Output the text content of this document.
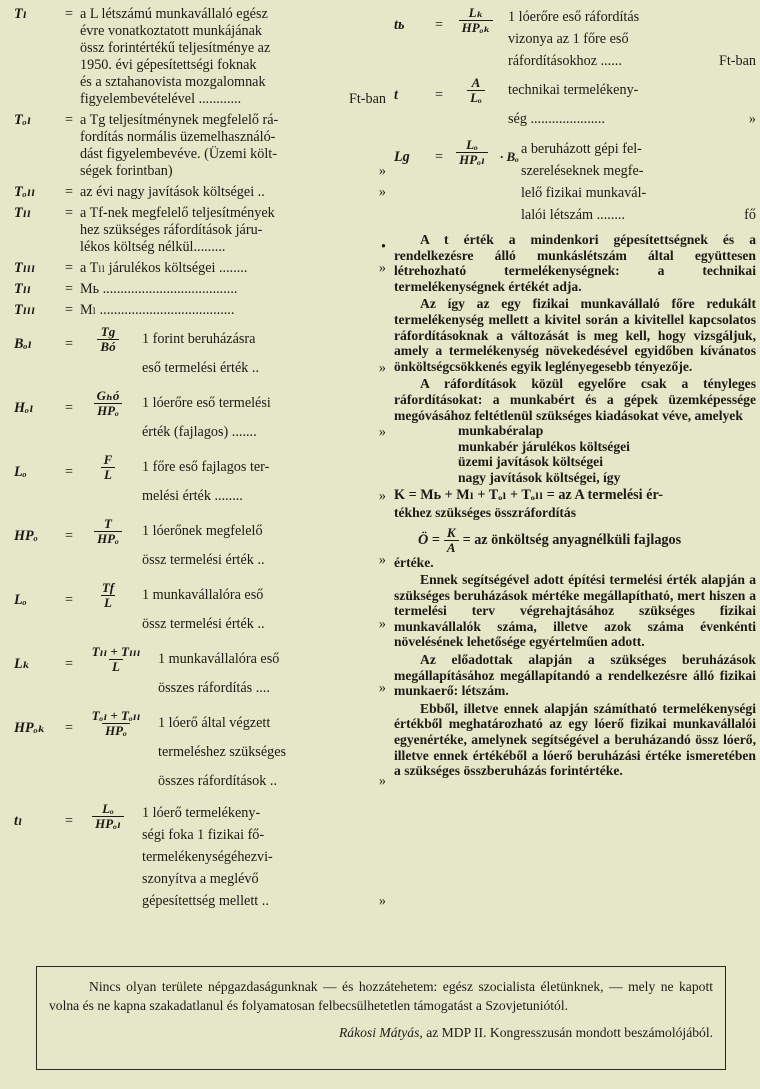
Tₗ	= a L létszámú munkavállaló egész
évre vonatkoztatott munkájának
össz forintértékű teljesítménye az
1950. évi gépesítettségi foknak
és a sztahanovista mozgalomnak
figyelembevételével ............	Ft-ban
Tₒₗ	= a Tg teljesítménynek megfelelő rá-
fordítás normális üzemelhasználó-
dást figyelembevéve. (Üzemi költ-
ségek forintban)	»
Tₒₗₗ	= az évi nagy javítások költségei ..	»
Tₗₗ	= a Tf-nek megfelelő teljesítmények
hez szükséges ráfordítások járu-
lékos költség nélkül.........	•
Tₗₗₗ	= a Tₗₗ járulékos költségei ........	»
Tₗₗ	= Mь ......................................
Tₗₗₗ	= Mₗ ......................................
Bₒₗ	= $\frac{Tg}{Bó} 1$ forint beruházásra
eső termelési érték ..	»
Hₒₗ	= $\frac{\text{Gₕó}}{\text{HPₒ}} 1$ lóerőre eső termelési
érték (fajlagos) .......	»
Lₒ	= $\frac{F}{L} 1$ főre eső fajlagos ter-
melési érték ........	»
HPₒ	= $\frac{T}{\text{HPₒ}} 1$ lóerőnek megfelelő
össz termelési érték ..	»
Lₒ	= $\frac{Tf}{L} 1$ munkavállalóra eső
össz termelési érték ..	»
Lₖ	= $\frac{\text{Tₗₗ + Tₗₗₗ}}{L} 1$ munkavállalóra eső
összes ráfordítás ....	»
HPₒₖ	= $\frac{\text{Tₒₗ + Tₒₗₗ}}{\text{HPₒ}} 1$ lóerő által végzett
termeléshez szükséges
összes ráfordítások ..	»
tₗ	= $\frac{\text{Lₒ}}{\text{HPₒₗ}} 1$ lóerő termelékeny-
ségi foka 1 fizikai fő-
termelékenységéhezvi-
szonyítva a meglévő
gépesítettség mellett ..	»
tь	= $\frac{\text{Lₖ}}{\text{HPₒₖ}} 1$ lóerőre eső ráfordítás
vizonya az 1 főre eső
ráfordításokhoz ......	Ft-ban
t	= $\frac{A}{\text{Lₒ}}$ technikai termelékeny-
ség .....................	»
Lg	= $\frac{\text{Lₒ}}{\text{HPₒₗ}} \cdot B_o$ a beruházott gépi fel-
szereléseknek megfe-
lelő fizikai munkavál-
lalói létszám ........	fő

A t érték a mindenkori gépesítettségnek és a rendelkezésre álló munkáslétszám által együttesen létrehozható termelékenységnek: a technikai termelékenységnek értékét adja.

Az így az egy fizikai munkavállaló főre redukált termelékenység mellett a kivitel során a kivitellel kapcsolatos ráfordításoknak a változását is meg kell, hogy vizsgáljuk, amely a termelékenység növekedésével egyidőben kívánatos önköltségcsökkenés egyik leglényegesebb tényezője.

A ráfordítások közül egyelőre csak a tényleges ráfordításokat: a munkabért és a gépek üzemképessége megóvásához feltétlenül szükséges kiadásokat véve, amelyek

munkabéralap
munkabér járulékos költségei
üzemi javítások költségei
nagy javítások költségei, így
K = Mь + Mₗ + Tₒₗ + Tₒₗₗ = az A termelési ér-
tékhez szükséges összráfordítás
Ö = $\frac{K}{A}$ = az önköltség anyagnélküli fajlagos
értéke.

Ennek segítségével adott építési termelési érték alapján a szükséges beruházások mértéke megállapítható, mert hiszen a termelési terv végrehajtásához szükséges fizikai munkavállalók száma, illetve azok száma évenkénti növelésének lehetősége egyértelműen adott.

Az előadottak alapján a szükséges beruházások megállapításához megállapítandó a rendelkezésre álló fizikai munkaerő: létszám.

Ebből, illetve ennek alapján számítható termelékenységi értékből meghatározható az egy lóerő fizikai munkavállalói egyenértéke, amelynek segítségével a beruházandó össz lóerő, illetve ennek értékéből a lóerő beruházási értéke ismeretében a szükséges összberuházás forintértéke.

Nincs olyan területe népgazdaságunknak — és hozzátehetem: egész szocialista életünknek, — mely ne kapott volna és ne kapna szakadatlanul és folyamatosan felbecsülhetetlen támogatást a Szovjetuniótól.
Rákosi Mátyás, az MDP II. Kongresszusán mondott beszámolójából.
